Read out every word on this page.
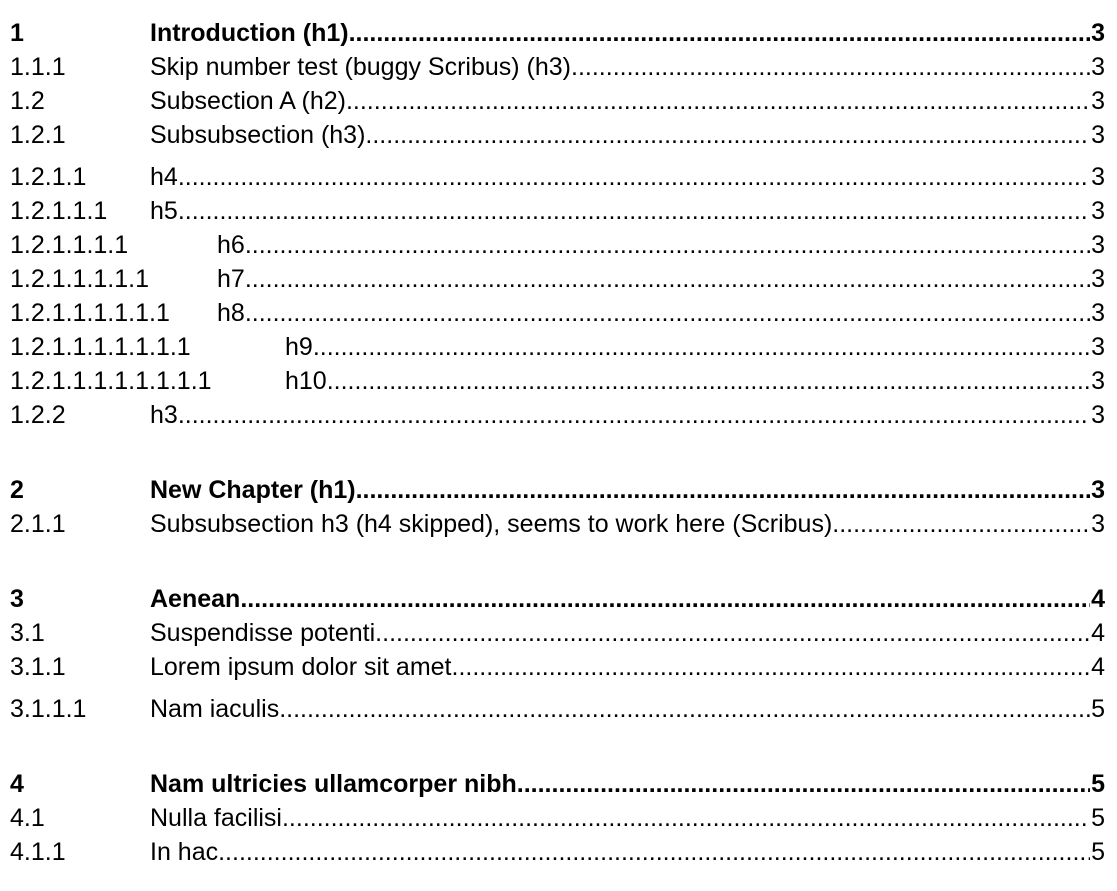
1	Introduction (h1) .....	3
1.1.1	Skip number test (buggy Scribus) (h3) .....	3
1.2	Subsection A (h2) .....	3
1.2.1	Subsubsection (h3) .....	3
1.2.1.1	h4 .....	3
1.2.1.1.1	h5 .....	3
1.2.1.1.1.1	h6 .....	3
1.2.1.1.1.1.1	h7 .....	3
1.2.1.1.1.1.1.1	h8 .....	3
1.2.1.1.1.1.1.1.1	h9 .....	3
1.2.1.1.1.1.1.1.1.1	h10 .....	3
1.2.2	h3 .....	3
2	New Chapter (h1) .....	3
2.1.1	Subsubsection h3 (h4 skipped), seems to work here (Scribus) .....	3
3	Aenean .....	4
3.1	Suspendisse potenti .....	4
3.1.1	Lorem ipsum dolor sit amet .....	4
3.1.1.1	Nam iaculis .....	5
4	Nam ultricies ullamcorper nibh .....	5
4.1	Nulla facilisi .....	5
4.1.1	In hac .....	5
